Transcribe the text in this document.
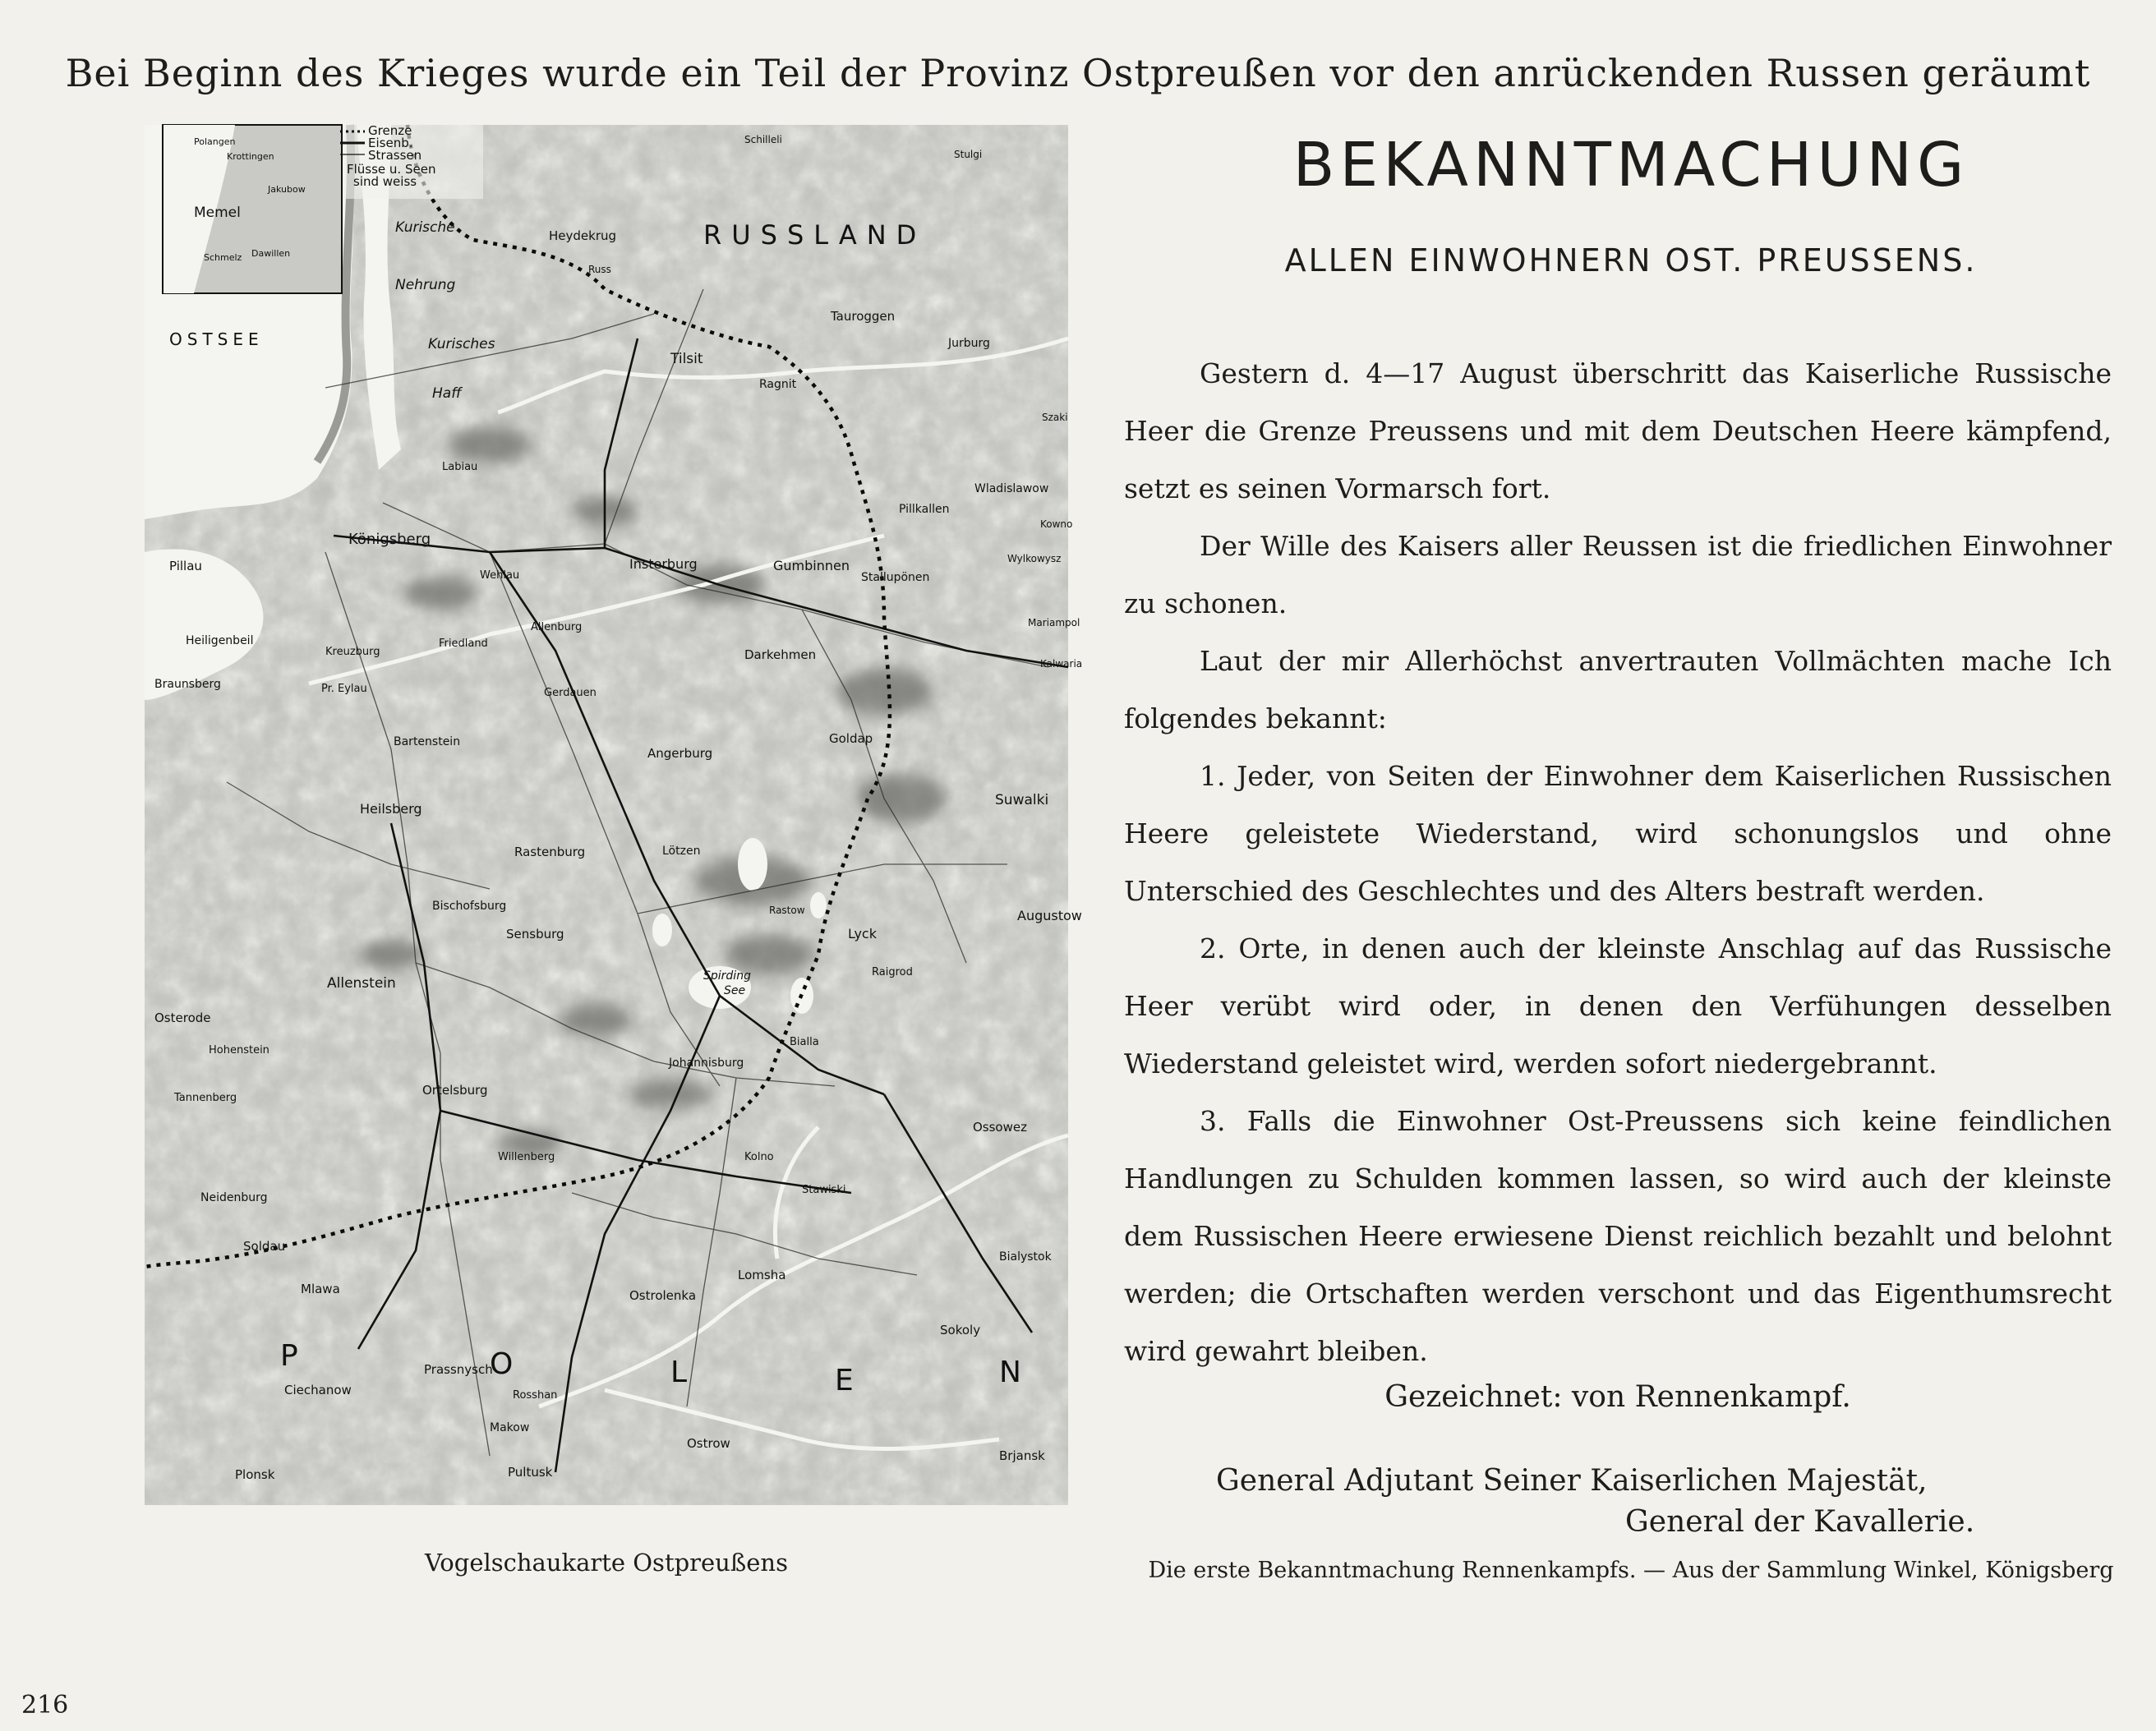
Bei Beginn des Krieges wurde ein Teil der Provinz Ostpreußen vor den anrückenden Russen geräumt
Grenze
Eisenb.
Strassen
Flüsse u. Seen
sind weiss
Polangen
Krottingen
Memel
Jakubow
Schmelz Dawillen
RUSSLAND
OSTSEE
Kurische
Nehrung
Kurisches
Haff
Spirding
See
P	O	L	E	N
Heydekrug
Tauroggen
Tilsit
Jurburg
Ragnit
Labiau
Königsberg
Pillau
Wehlau
Insterburg	Gumbinnen
Stallupönen
Pillkallen
Wladislawow
Wylkowysz
Mariampol
Kalwaria
Heiligenbeil
Braunsberg
Kreuzburg
Pr. Eylau
Friedland
Allenburg
Darkehmen
Goldap
Angerburg
Gerdauen
Bartenstein
Heilsberg
Rastenburg	Lötzen
Suwalki
Augustow
Lyck
Rastow
Raigrod
Sensburg
Bischofsburg
Allenstein
Osterode
Hohenstein
Tannenberg
Ortelsburg
Johannisburg
Bialla
Neidenburg
Soldau
Mlawa
Willenberg
Ossowez
Kolno
Stawiski
Lomsha
Ostrolenka
Prassnysch
Ciechanow	Rosshan
Ostrow
Pultusk
Plonsk
Sokoly
Bialystok
Brjansk
Makow
Schilleli
Russ
Stulgi
Szaki
Kowno
Vogelschaukarte Ostpreußens
BEKANNTMACHUNG
ALLEN EINWOHNERN OST. PREUSSENS.

Gestern d. 4—17 August überschritt das Kaiserliche Russische Heer die Grenze Preussens und mit dem Deutschen Heere kämpfend, setzt es seinen Vormarsch fort.

Der Wille des Kaisers aller Reussen ist die friedlichen Einwohner zu schonen.

Laut der mir Allerhöchst anvertrauten Vollmächten mache Ich folgendes bekannt:

1. Jeder, von Seiten der Einwohner dem Kaiserlichen Russischen Heere geleistete Wiederstand, wird schonungslos und ohne Unterschied des Geschlechtes und des Alters bestraft werden.

2. Orte, in denen auch der kleinste Anschlag auf das Russische Heer verübt wird oder, in denen den Verfühungen desselben Wiederstand geleistet wird, werden sofort niedergebrannt.

3. Falls die Einwohner Ost-Preussens sich keine feindlichen Handlungen zu Schulden kommen lassen, so wird auch der kleinste dem Russischen Heere erwiesene Dienst reichlich bezahlt und belohnt werden; die Ortschaften werden verschont und das Eigenthumsrecht wird gewahrt bleiben.

Gezeichnet: von Rennenkampf.
General Adjutant Seiner Kaiserlichen Majestät,
General der Kavallerie.
Die erste Bekanntmachung Rennenkampfs. — Aus der Sammlung Winkel, Königsberg
216
